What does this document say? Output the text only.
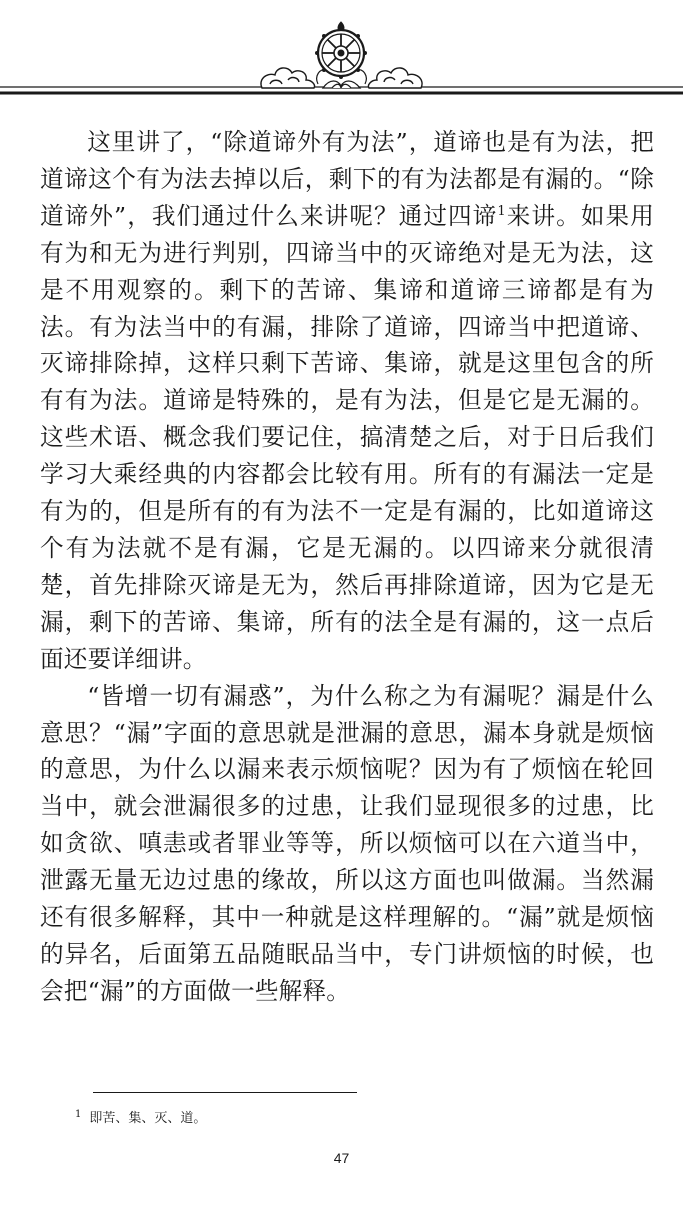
这里讲了，“除道谛外有为法”，道谛也是有为法，把道谛这个有为法去掉以后，剩下的有为法都是有漏的。“除道谛外”，我们通过什么来讲呢？通过四谛$^1$来讲。如果用有为和无为进行判别，四谛当中的灭谛绝对是无为法，这是不用观察的。剩下的苦谛、集谛和道谛三谛都是有为法。有为法当中的有漏，排除了道谛，四谛当中把道谛、灭谛排除掉，这样只剩下苦谛、集谛，就是这里包含的所有有为法。道谛是特殊的，是有为法，但是它是无漏的。这些术语、概念我们要记住，搞清楚之后，对于日后我们学习大乘经典的内容都会比较有用。所有的有漏法一定是有为的，但是所有的有为法不一定是有漏的，比如道谛这个有为法就不是有漏，它是无漏的。以四谛来分就很清楚，首先排除灭谛是无为，然后再排除道谛，因为它是无漏，剩下的苦谛、集谛，所有的法全是有漏的，这一点后面还要详细讲。

“皆增一切有漏惑”，为什么称之为有漏呢？漏是什么意思？“漏”字面的意思就是泄漏的意思，漏本身就是烦恼的意思，为什么以漏来表示烦恼呢？因为有了烦恼在轮回当中，就会泄漏很多的过患，让我们显现很多的过患，比如贪欲、嗔恚或者罪业等等，所以烦恼可以在六道当中，泄露无量无边过患的缘故，所以这方面也叫做漏。当然漏还有很多解释，其中一种就是这样理解的。“漏”就是烦恼的异名，后面第五品随眠品当中，专门讲烦恼的时候，也会把“漏”的方面做一些解释。

$^1$ 即苦、集、灭、道。
47
